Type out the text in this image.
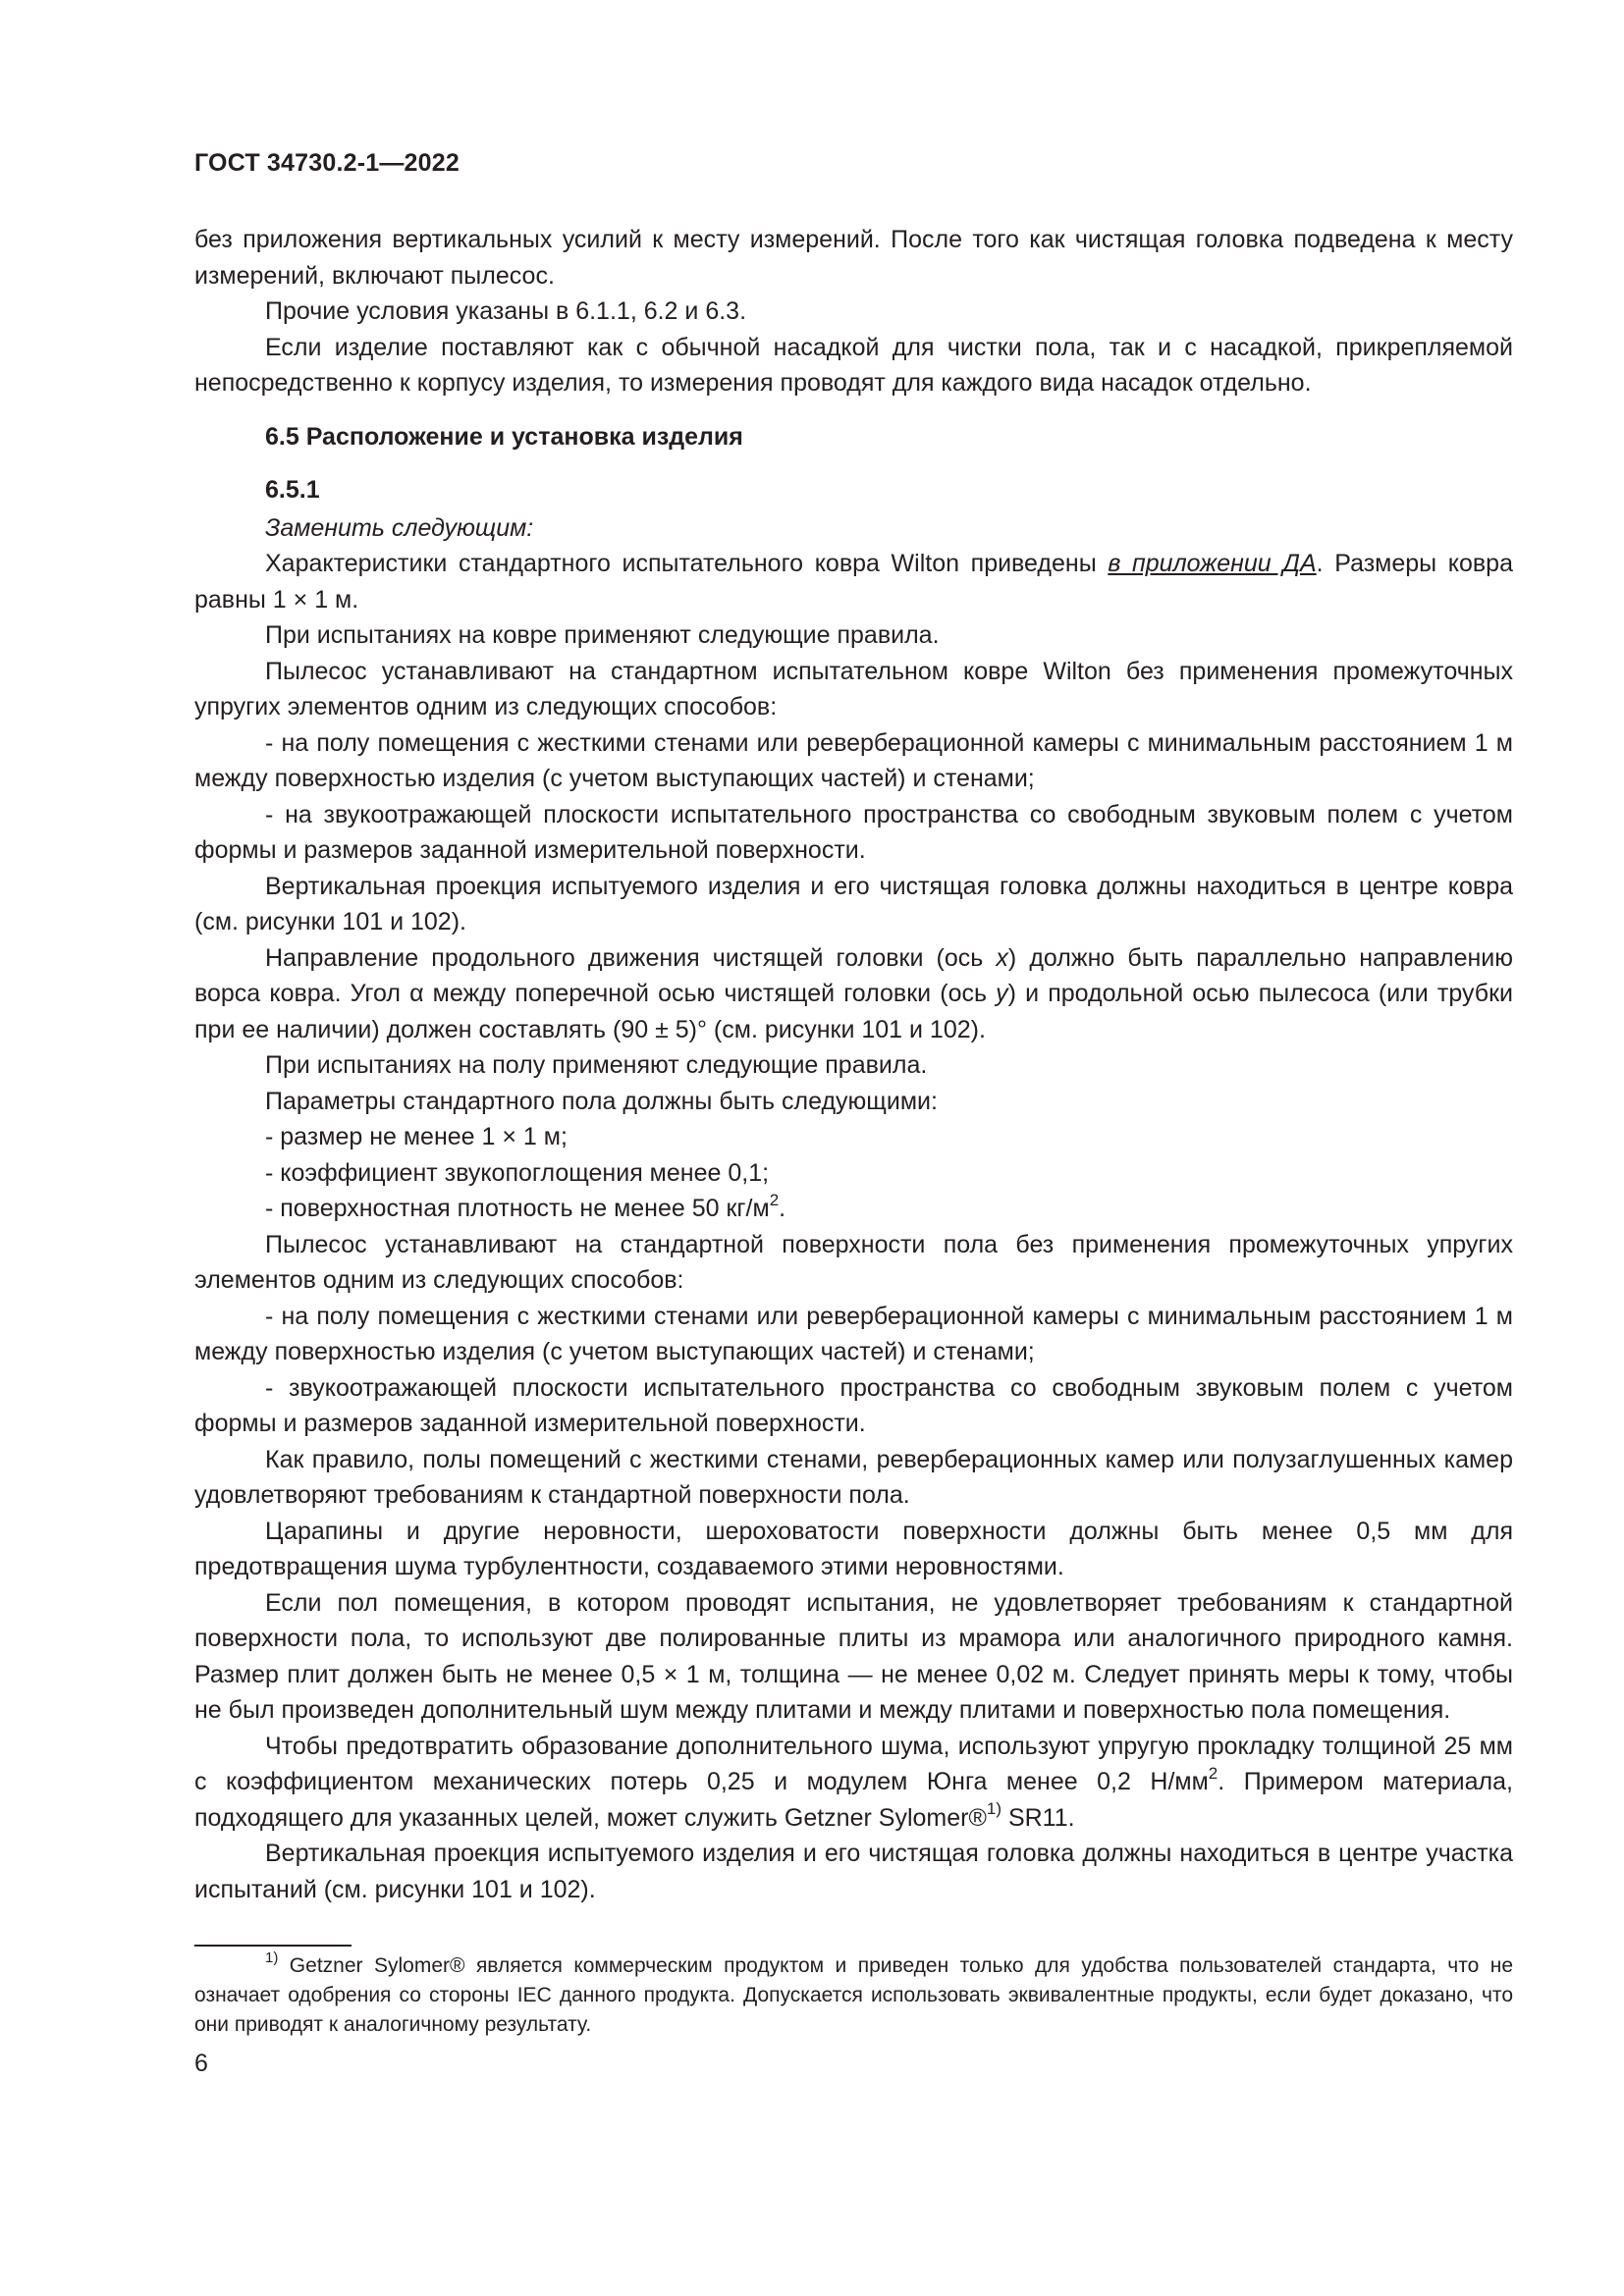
ГОСТ 34730.2-1—2022

без приложения вертикальных усилий к месту измерений. После того как чистящая головка подведена к месту измерений, включают пылесос.

Прочие условия указаны в 6.1.1, 6.2 и 6.3.

Если изделие поставляют как с обычной насадкой для чистки пола, так и с насадкой, прикрепляемой непосредственно к корпусу изделия, то измерения проводят для каждого вида насадок отдельно.

6.5 Расположение и установка изделия

6.5.1

Заменить следующим:

Характеристики стандартного испытательного ковра Wilton приведены в приложении ДА. Размеры ковра равны 1 × 1 м.

При испытаниях на ковре применяют следующие правила.

Пылесос устанавливают на стандартном испытательном ковре Wilton без применения промежуточных упругих элементов одним из следующих способов:

- на полу помещения с жесткими стенами или реверберационной камеры с минимальным расстоянием 1 м между поверхностью изделия (с учетом выступающих частей) и стенами;

- на звукоотражающей плоскости испытательного пространства со свободным звуковым полем с учетом формы и размеров заданной измерительной поверхности.

Вертикальная проекция испытуемого изделия и его чистящая головка должны находиться в центре ковра (см. рисунки 101 и 102).

Направление продольного движения чистящей головки (ось x) должно быть параллельно направлению ворса ковра. Угол α между поперечной осью чистящей головки (ось y) и продольной осью пылесоса (или трубки при ее наличии) должен составлять (90 ± 5)° (см. рисунки 101 и 102).

При испытаниях на полу применяют следующие правила.

Параметры стандартного пола должны быть следующими:

- размер не менее 1 × 1 м;

- коэффициент звукопоглощения менее 0,1;

- поверхностная плотность не менее 50 $кг/м^2$.

Пылесос устанавливают на стандартной поверхности пола без применения промежуточных упругих элементов одним из следующих способов:

- на полу помещения с жесткими стенами или реверберационной камеры с минимальным расстоянием 1 м между поверхностью изделия (с учетом выступающих частей) и стенами;

- звукоотражающей плоскости испытательного пространства со свободным звуковым полем с учетом формы и размеров заданной измерительной поверхности.

Как правило, полы помещений с жесткими стенами, реверберационных камер или полузаглушенных камер удовлетворяют требованиям к стандартной поверхности пола.

Царапины и другие неровности, шероховатости поверхности должны быть менее 0,5 мм для предотвращения шума турбулентности, создаваемого этими неровностями.

Если пол помещения, в котором проводят испытания, не удовлетворяет требованиям к стандартной поверхности пола, то используют две полированные плиты из мрамора или аналогичного природного камня. Размер плит должен быть не менее 0,5 × 1 м, толщина — не менее 0,02 м. Следует принять меры к тому, чтобы не был произведен дополнительный шум между плитами и между плитами и поверхностью пола помещения.

Чтобы предотвратить образование дополнительного шума, используют упругую прокладку толщиной 25 мм с коэффициентом механических потерь 0,25 и модулем Юнга менее 0,2 $Н/мм^2$. Примером материала, подходящего для указанных целей, может служить Getzner Sylomer®$^{1)}$ SR11.

Вертикальная проекция испытуемого изделия и его чистящая головка должны находиться в центре участка испытаний (см. рисунки 101 и 102).

$^{1)}$ Getzner Sylomer® является коммерческим продуктом и приведен только для удобства пользователей стандарта, что не означает одобрения со стороны IEC данного продукта. Допускается использовать эквивалентные продукты, если будет доказано, что они приводят к аналогичному результату.

6
